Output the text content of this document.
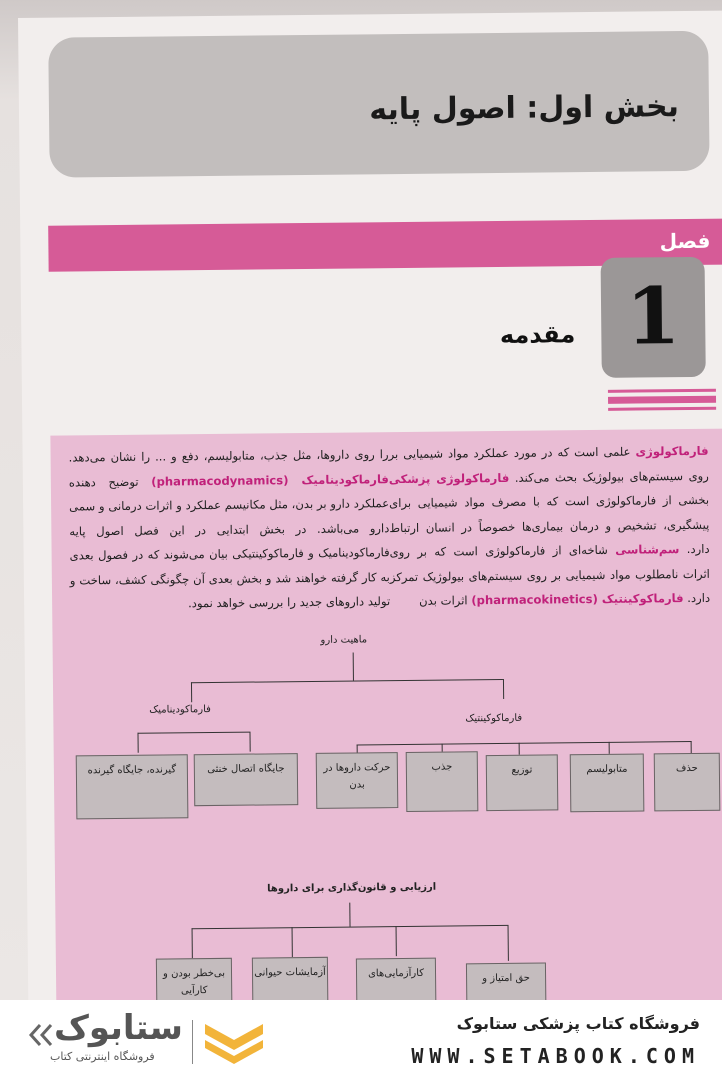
بخش اول: اصول پایه
فصل
1
مقدمه
فارماکولوژی علمی است که در مورد عملکرد مواد شیمیایی بر روی سیستم‌های بیولوژیک بحث می‌کند. فارماکولوژی پزشکی بخشی از فارماکولوژی است که با مصرف مواد شیمیایی برای پیشگیری، تشخیص و درمان بیماری‌ها خصوصاً در انسان ارتباط دارد. سم‌شناسی شاخه‌ای از فارماکولوژی است که بر روی اثرات نامطلوب مواد شیمیایی بر روی سیستم‌های بیولوژیک تمرکز دارد. فارماکوکینتیک (pharmacokinetics) اثرات بدن
را روی داروها، مثل جذب، متابولیسم، دفع و ... را نشان می‌دهد. فارماکودینامیک (pharmacodynamics) توضیح دهنده عملکرد دارو بر بدن، مثل مکانیسم عملکرد و اثرات درمانی و سمی دارو می‌باشد. در بخش ابتدایی در این فصل اصول پایه فارماکودینامیک و فارماکوکینتیکی بیان می‌شوند که در فصول بعدی به کار گرفته خواهند شد و بخش بعدی آن چگونگی کشف، ساخت و تولید داروهای جدید را بررسی خواهد نمود.
ماهیت دارو
فارماکودینامیک
فارماکوکینتیک
گیرنده، جایگاه گیرنده	جایگاه اتصال خنثی	حرکت داروها در بدن
جذب	توزیع	متابولیسم	حذف
ارزیابی و قانون‌گذاری برای داروها
بی‌خطر بودن و کارآیی
آزمایشات حیوانی	کارآزمایی‌های	حق امتیاز و
فروشگاه کتاب پزشکی ستابوک
WWW.SETABOOK.COM
ستابوک
فروشگاه اینترنتی کتاب
